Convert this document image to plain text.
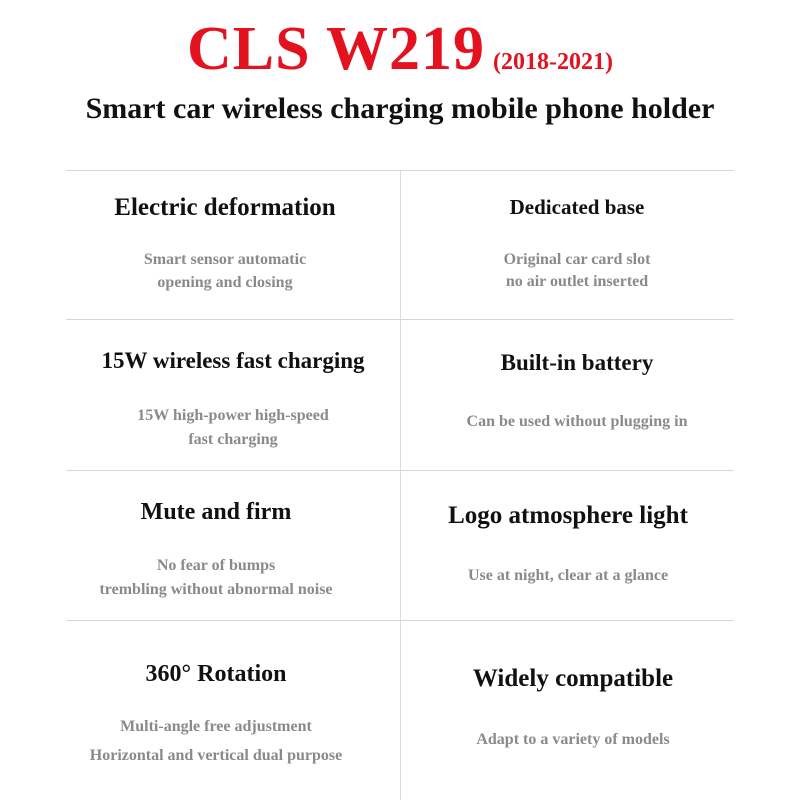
CLS W219 (2018-2021)
Smart car wireless charging mobile phone holder
Electric deformation
Smart sensor automatic
opening and closing
Dedicated base
Original car card slot
no air outlet inserted
15W wireless fast charging
15W high-power high-speed
fast charging
Built-in battery
Can be used without plugging in
Mute and firm
No fear of bumps
trembling without abnormal noise
Logo atmosphere light
Use at night, clear at a glance
360° Rotation
Multi-angle free adjustment
Horizontal and vertical dual purpose
Widely compatible
Adapt to a variety of models
